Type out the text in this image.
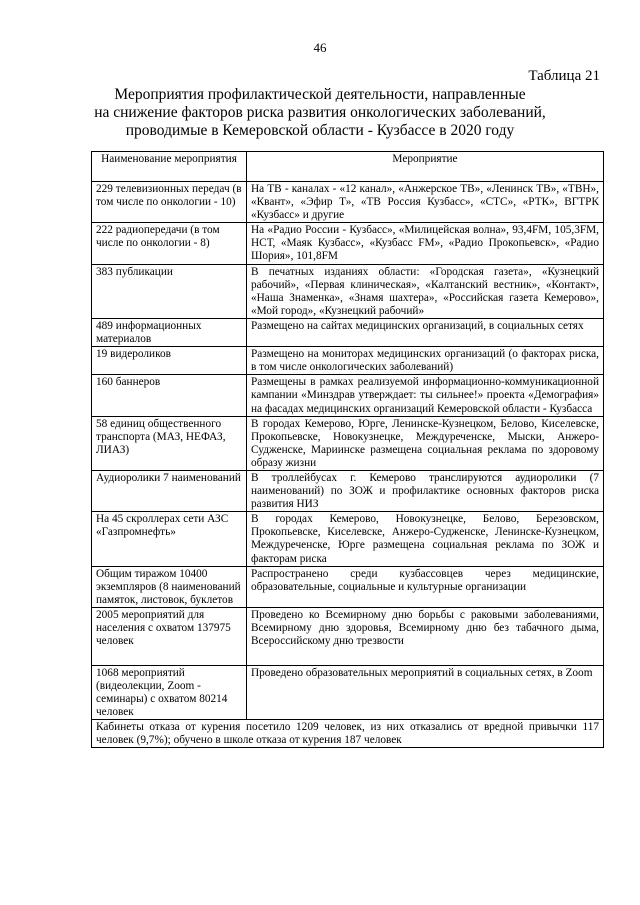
46
Таблица 21
Мероприятия профилактической деятельности, направленные
на снижение факторов риска развития онкологических заболеваний,
проводимые в Кемеровской области - Кузбассе в 2020 году
Наименование мероприятия	Мероприятие
229 телевизионных передач (в том числе по онкологии - 10)	На ТВ - каналах - «12 канал», «Анжерское ТВ», «Ленинск ТВ», «ТВН», «Квант», «Эфир Т», «ТВ Россия Кузбасс», «СТС», «РТК», ВГТРК «Кузбасс» и другие
222 радиопередачи (в том числе по онкологии - 8)	На «Радио России - Кузбасс», «Милицейская волна», 93,4FM, 105,3FM, НСТ, «Маяк Кузбасс», «Кузбасс FM», «Радио Прокопьевск», «Радио Шория», 101,8FM
383 публикации	В печатных изданиях области: «Городская газета», «Кузнецкий рабочий», «Первая клиническая», «Калтанский вестник», «Контакт», «Наша Знаменка», «Знамя шахтера», «Российская газета Кемерово», «Мой город», «Кузнецкий рабочий»
489 информационных материалов	Размещено на сайтах медицинских организаций, в социальных сетях
19 видероликов	Размещено на мониторах медицинских организаций (о факторах риска, в том числе онкологических заболеваний)
160 баннеров	Размещены в рамках реализуемой информационно-коммуникационной кампании «Минздрав утверждает: ты сильнее!» проекта «Демография» на фасадах медицинских организаций Кемеровской области - Кузбасса
58 единиц общественного транспорта (МАЗ, НЕФАЗ, ЛИАЗ)	В городах Кемерово, Юрге, Ленинске-Кузнецком, Белово, Киселевске, Прокопьевске, Новокузнецке, Междуреченске, Мыски, Анжеро-Судженске, Мариинске размещена социальная реклама по здоровому образу жизни
Аудиоролики 7 наименований	В троллейбусах г. Кемерово транслируются аудиоролики (7 наименований) по ЗОЖ и профилактике основных факторов риска развития НИЗ
На 45 скроллерах сети АЗС «Газпромнефть»	В городах Кемерово, Новокузнецке, Белово, Березовском, Прокопьевске, Киселевске, Анжеро-Судженске, Ленинске-Кузнецком, Междуреченске, Юрге размещена социальная реклама по ЗОЖ и факторам риска
Общим тиражом 10400 экземпляров (8 наименований памяток, листовок, буклетов	Распространено среди кузбассовцев через медицинские, образовательные, социальные и культурные организации
2005 мероприятий для населения с охватом 137975 человек	Проведено ко Всемирному дню борьбы с раковыми заболеваниями, Всемирному дню здоровья, Всемирному дню без табачного дыма, Всероссийскому дню трезвости
1068 мероприятий (видеолекции, Zoom - семинары) с охватом 80214 человек	Проведено образовательных мероприятий в социальных сетях, в Zoom
Кабинеты отказа от курения посетило 1209 человек, из них отказались от вредной привычки 117 человек (9,7%); обучено в школе отказа от курения 187 человек	
